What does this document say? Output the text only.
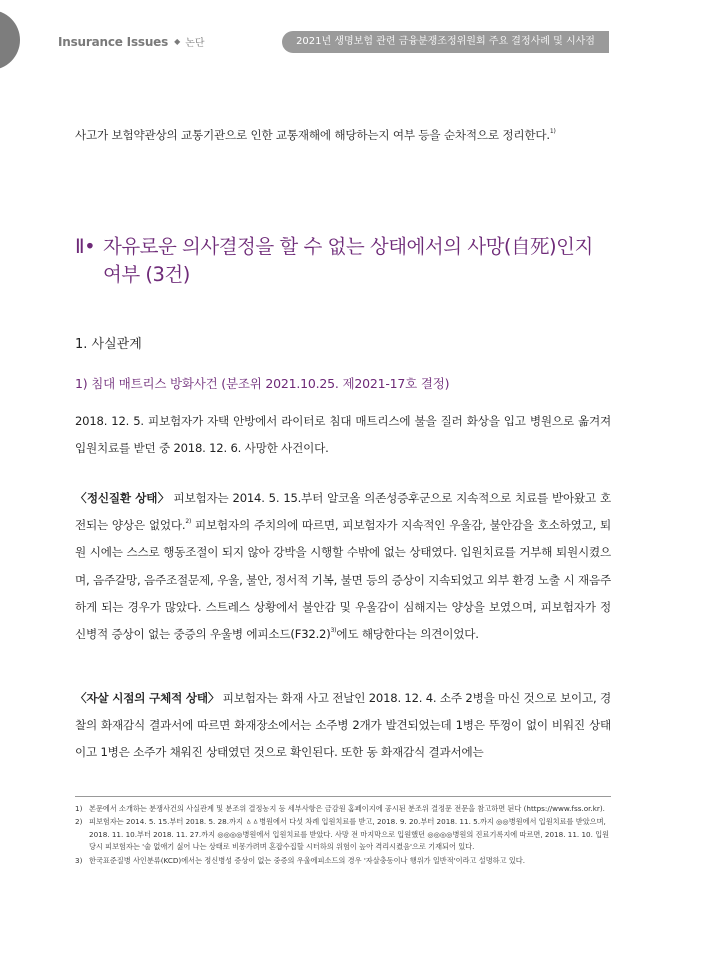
Insurance Issues ◆ 논단	2021년 생명보험 관련 금융분쟁조정위원회 주요 결정사례 및 시사점

사고가 보험약관상의 교통기관으로 인한 교통재해에 해당하는지 여부 등을 순차적으로 정리한다.$^{1)}$

Ⅱ• 자유로운 의사결정을 할 수 없는 상태에서의 사망(自死)인지
여부 (3건)
1. 사실관계
1) 침대 매트리스 방화사건 (분조위 2021.10.25. 제2021-17호 결정)

2018. 12. 5. 피보험자가 자택 안방에서 라이터로 침대 매트리스에 불을 질러 화상을 입고 병원으로 옮겨져 입원치료를 받던 중 2018. 12. 6. 사망한 사건이다.

〈정신질환 상태〉 피보험자는 2014. 5. 15.부터 알코올 의존성증후군으로 지속적으로 치료를 받아왔고 호전되는 양상은 없었다.$^{2)}$ 피보험자의 주치의에 따르면, 피보험자가 지속적인 우울감, 불안감을 호소하였고, 퇴원 시에는 스스로 행동조절이 되지 않아 강박을 시행할 수밖에 없는 상태였다. 입원치료를 거부해 퇴원시켰으며, 음주갈망, 음주조절문제, 우울, 불안, 정서적 기복, 불면 등의 증상이 지속되었고 외부 환경 노출 시 재음주하게 되는 경우가 많았다. 스트레스 상황에서 불안감 및 우울감이 심해지는 양상을 보였으며, 피보험자가 정신병적 증상이 없는 중증의 우울병 에피소드$(F32.2)^{3)}$에도 해당한다는 의견이었다.

〈자살 시점의 구체적 상태〉 피보험자는 화재 사고 전날인 2018. 12. 4. 소주 2병을 마신 것으로 보이고, 경찰의 화재감식 결과서에 따르면 화재장소에서는 소주병 2개가 발견되었는데 1병은 뚜껑이 없이 비워진 상태이고 1병은 소주가 채워진 상태였던 것으로 확인된다. 또한 동 화재감식 결과서에는

1) 본문에서 소개하는 분쟁사건의 사실관계 및 분조위 결정농지 등 세부사항은 금감원 홈페이지에 공시된 분조위 결정문 전문을 참고하면 된다 (https://www.fss.or.kr).
2) 피보험자는 2014. 5. 15.부터 2018. 5. 28.까지 ㅿㅿ병원에서 다섯 차례 입원치료를 받고, 2018. 9. 20.부터 2018. 11. 5.까지 ◎◎병원에서 입원치료를 받았으며, 2018. 11. 10.부터 2018. 11. 27.까지 ◎◎◎◎병원에서 입원치료를 받았다. 사망 전 마지막으로 입원했던 ◎◎◎◎병원의 진료기록지에 따르면, 2018. 11. 10. 입원당시 피보험자는 '술 없애기 싫어 나는 상태로 비몽가려며 혼잡수집할 시터하의 위험이 높아 격리시켰음'으로 기재되어 있다.
3) 한국표준질병 사인분류(KCD)에서는 정신병성 증상이 없는 중증의 우울에피소드의 경우 '자살충동이나 행위가 일반적'이라고 설명하고 있다.
